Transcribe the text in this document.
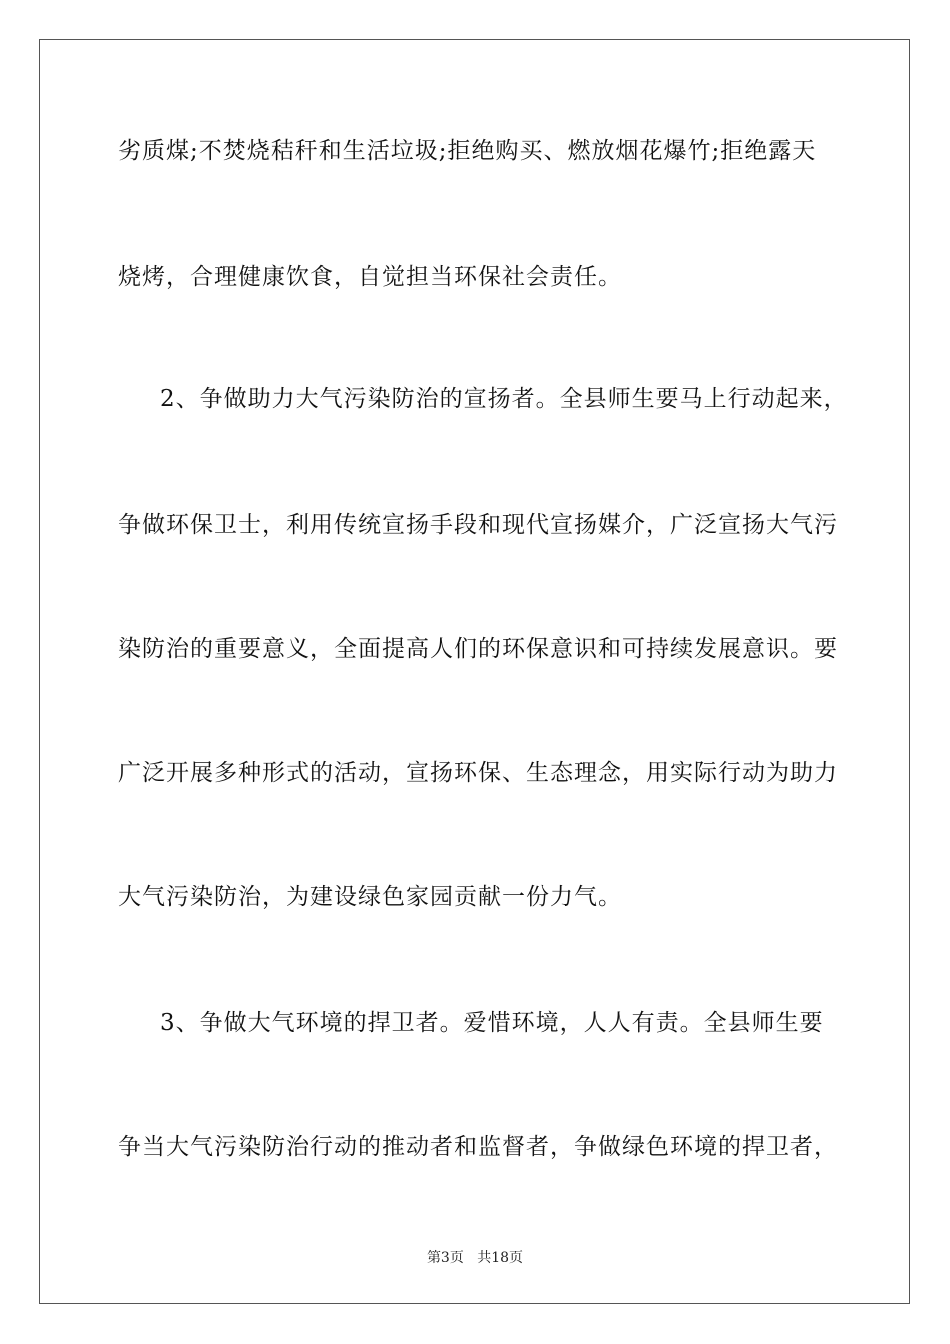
劣质煤;不焚烧秸秆和生活垃圾;拒绝购买、燃放烟花爆竹;拒绝露天
烧烤，合理健康饮食，自觉担当环保社会责任。
2、争做助力大气污染防治的宣扬者。全县师生要马上行动起来，
争做环保卫士，利用传统宣扬手段和现代宣扬媒介，广泛宣扬大气污
染防治的重要意义，全面提高人们的环保意识和可持续发展意识。要
广泛开展多种形式的活动，宣扬环保、生态理念，用实际行动为助力
大气污染防治，为建设绿色家园贡献一份力气。
3、争做大气环境的捍卫者。爱惜环境，人人有责。全县师生要
争当大气污染防治行动的推动者和监督者，争做绿色环境的捍卫者，
第3页 共18页
